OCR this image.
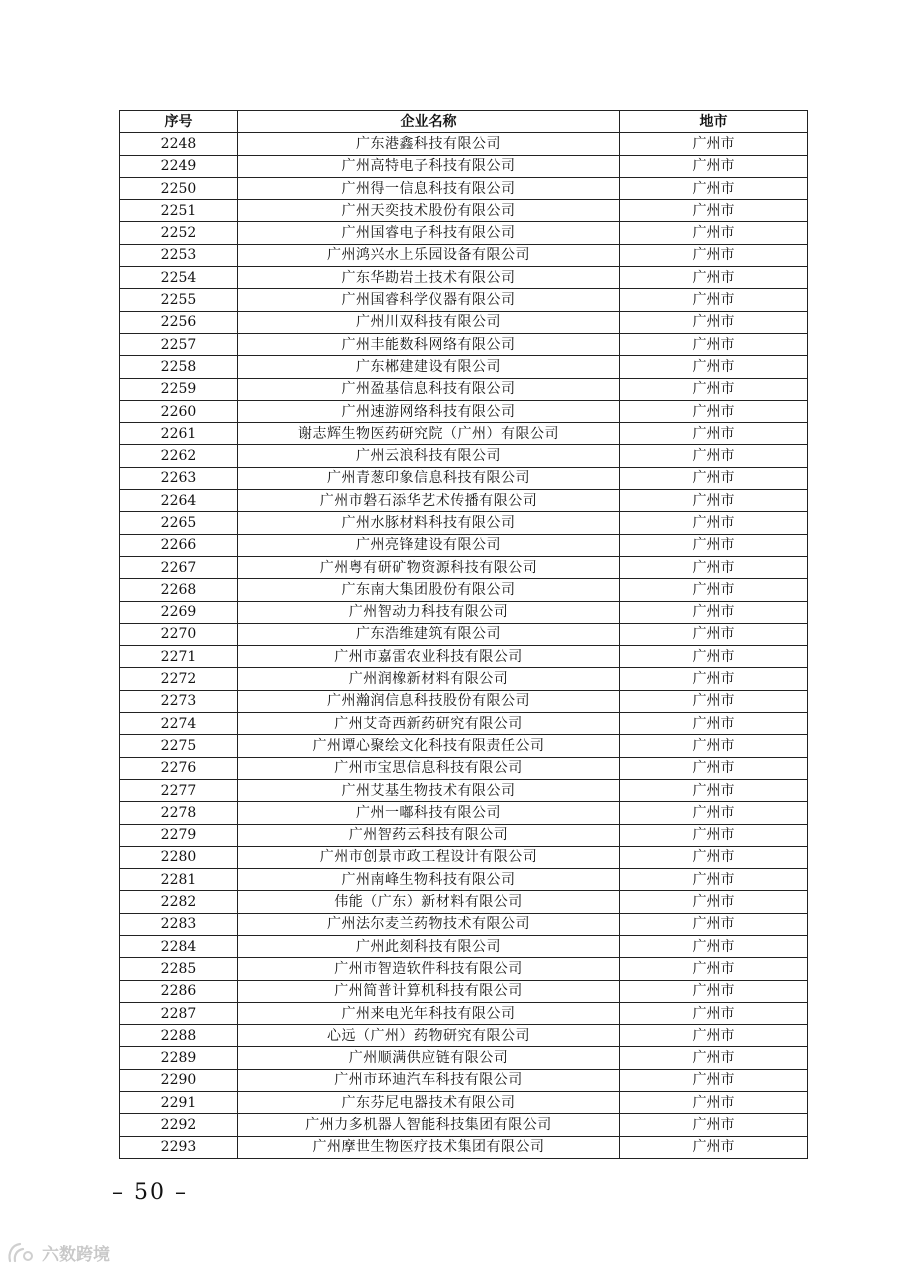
序号	企业名称	地市
2248	广东港鑫科技有限公司	广州市
2249	广州高特电子科技有限公司	广州市
2250	广州得一信息科技有限公司	广州市
2251	广州天奕技术股份有限公司	广州市
2252	广州国睿电子科技有限公司	广州市
2253	广州鸿兴水上乐园设备有限公司	广州市
2254	广东华勘岩土技术有限公司	广州市
2255	广州国睿科学仪器有限公司	广州市
2256	广州川双科技有限公司	广州市
2257	广州丰能数科网络有限公司	广州市
2258	广东郴建建设有限公司	广州市
2259	广州盈基信息科技有限公司	广州市
2260	广州速游网络科技有限公司	广州市
2261	谢志辉生物医药研究院（广州）有限公司	广州市
2262	广州云浪科技有限公司	广州市
2263	广州青葱印象信息科技有限公司	广州市
2264	广州市磐石添华艺术传播有限公司	广州市
2265	广州水豚材料科技有限公司	广州市
2266	广州亮锋建设有限公司	广州市
2267	广州粤有研矿物资源科技有限公司	广州市
2268	广东南大集团股份有限公司	广州市
2269	广州智动力科技有限公司	广州市
2270	广东浩维建筑有限公司	广州市
2271	广州市嘉雷农业科技有限公司	广州市
2272	广州润橡新材料有限公司	广州市
2273	广州瀚润信息科技股份有限公司	广州市
2274	广州艾奇西新药研究有限公司	广州市
2275	广州谭心聚绘文化科技有限责任公司	广州市
2276	广州市宝思信息科技有限公司	广州市
2277	广州艾基生物技术有限公司	广州市
2278	广州一嘟科技有限公司	广州市
2279	广州智药云科技有限公司	广州市
2280	广州市创景市政工程设计有限公司	广州市
2281	广州南峰生物科技有限公司	广州市
2282	伟能（广东）新材料有限公司	广州市
2283	广州法尔麦兰药物技术有限公司	广州市
2284	广州此刻科技有限公司	广州市
2285	广州市智造软件科技有限公司	广州市
2286	广州简普计算机科技有限公司	广州市
2287	广州来电光年科技有限公司	广州市
2288	心远（广州）药物研究有限公司	广州市
2289	广州顺满供应链有限公司	广州市
2290	广州市环迪汽车科技有限公司	广州市
2291	广东芬尼电器技术有限公司	广州市
2292	广州力多机器人智能科技集团有限公司	广州市
2293	广州摩世生物医疗技术集团有限公司	广州市
– 50 –
六数跨境
